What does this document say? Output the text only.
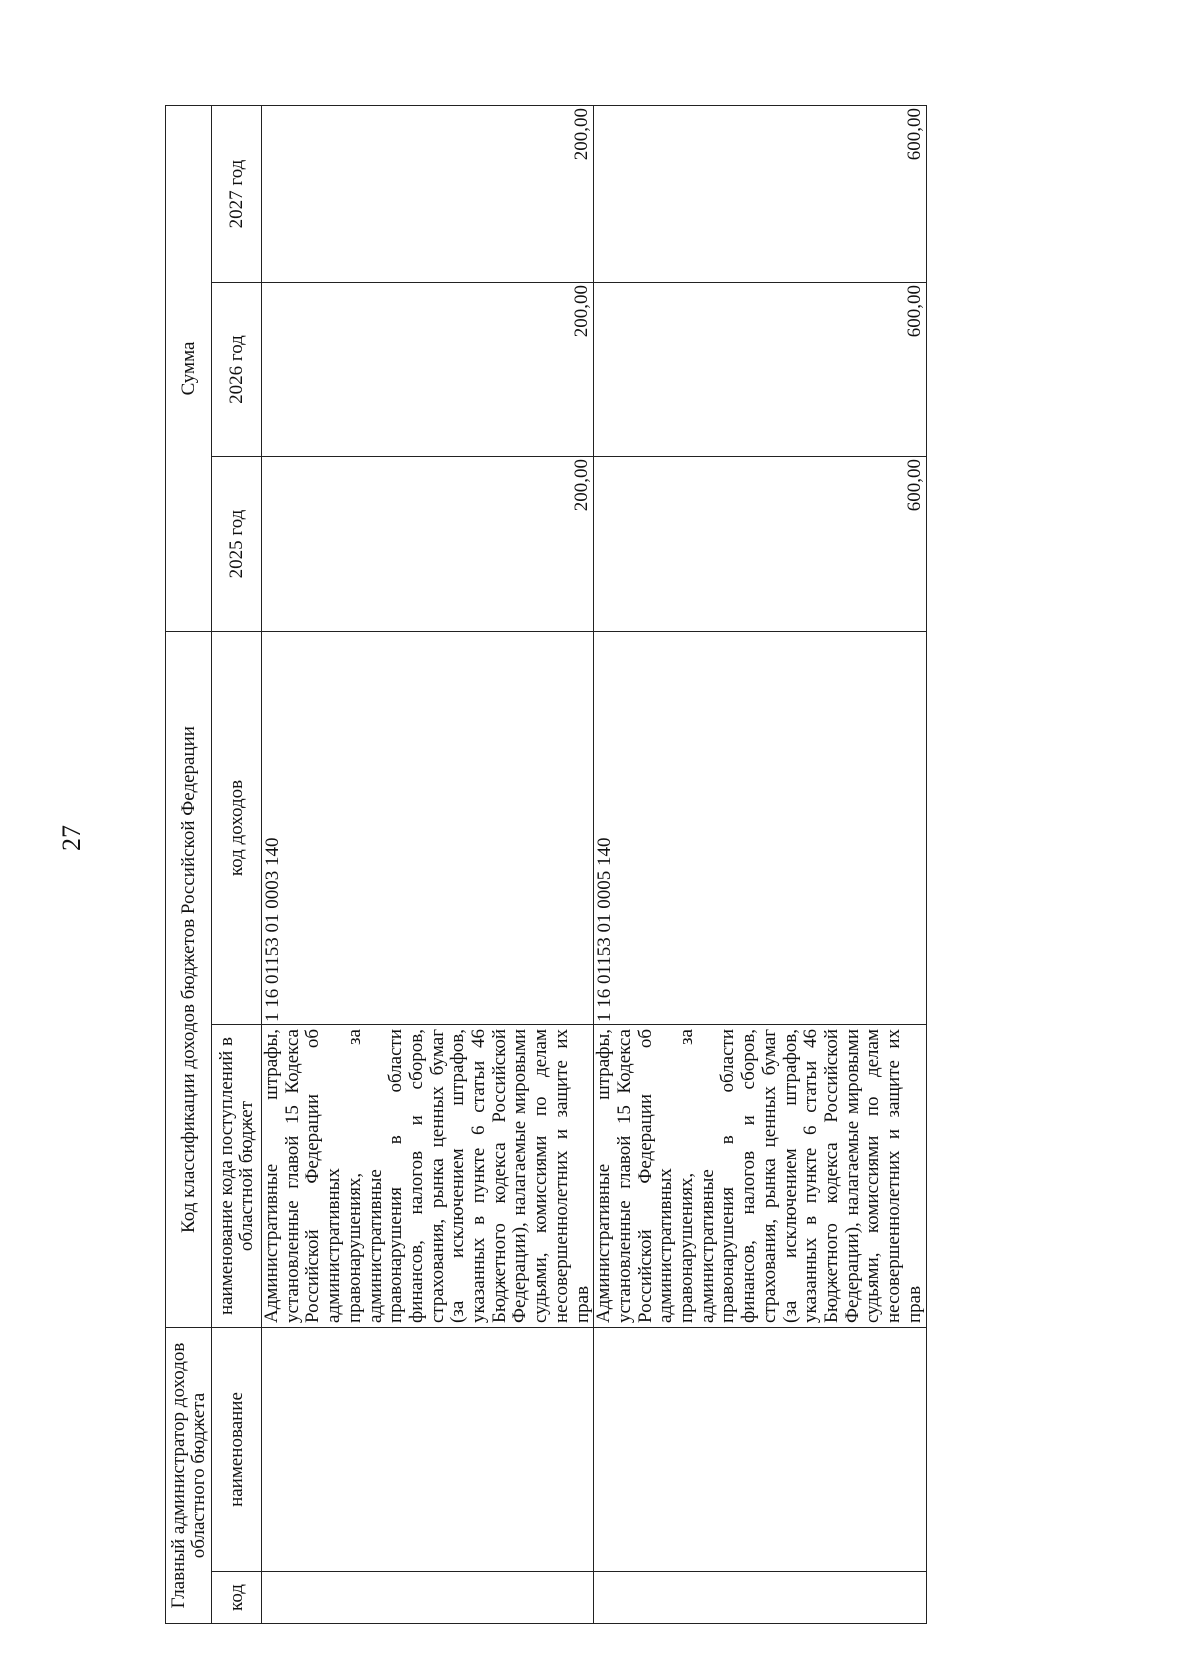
27
Главный администратор доходов областного бюджета		Код классификации доходов бюджетов Российской Федерации		Сумма		
код	наименование	наименование кода поступлений в областной бюджет	код доходов	2025 год	2026 год	2027 год
		Административные штрафы, установленные главой 15 Кодекса Российской Федерации об административных правонарушениях, за административные правонарушения в области финансов, налогов и сборов, страхования, рынка ценных бумаг (за исключением штрафов, указанных в пункте 6 статьи 46 Бюджетного кодекса Российской Федерации), налагаемые мировыми судьями, комиссиями по делам несовершеннолетних и защите их прав	1 16 01153 01 0003 140	200,00	200,00	200,00
		Административные штрафы, установленные главой 15 Кодекса Российской Федерации об административных правонарушениях, за административные правонарушения в области финансов, налогов и сборов, страхования, рынка ценных бумаг (за исключением штрафов, указанных в пункте 6 статьи 46 Бюджетного кодекса Российской Федерации), налагаемые мировыми судьями, комиссиями по делам несовершеннолетних и защите их прав	1 16 01153 01 0005 140	600,00	600,00	600,00
